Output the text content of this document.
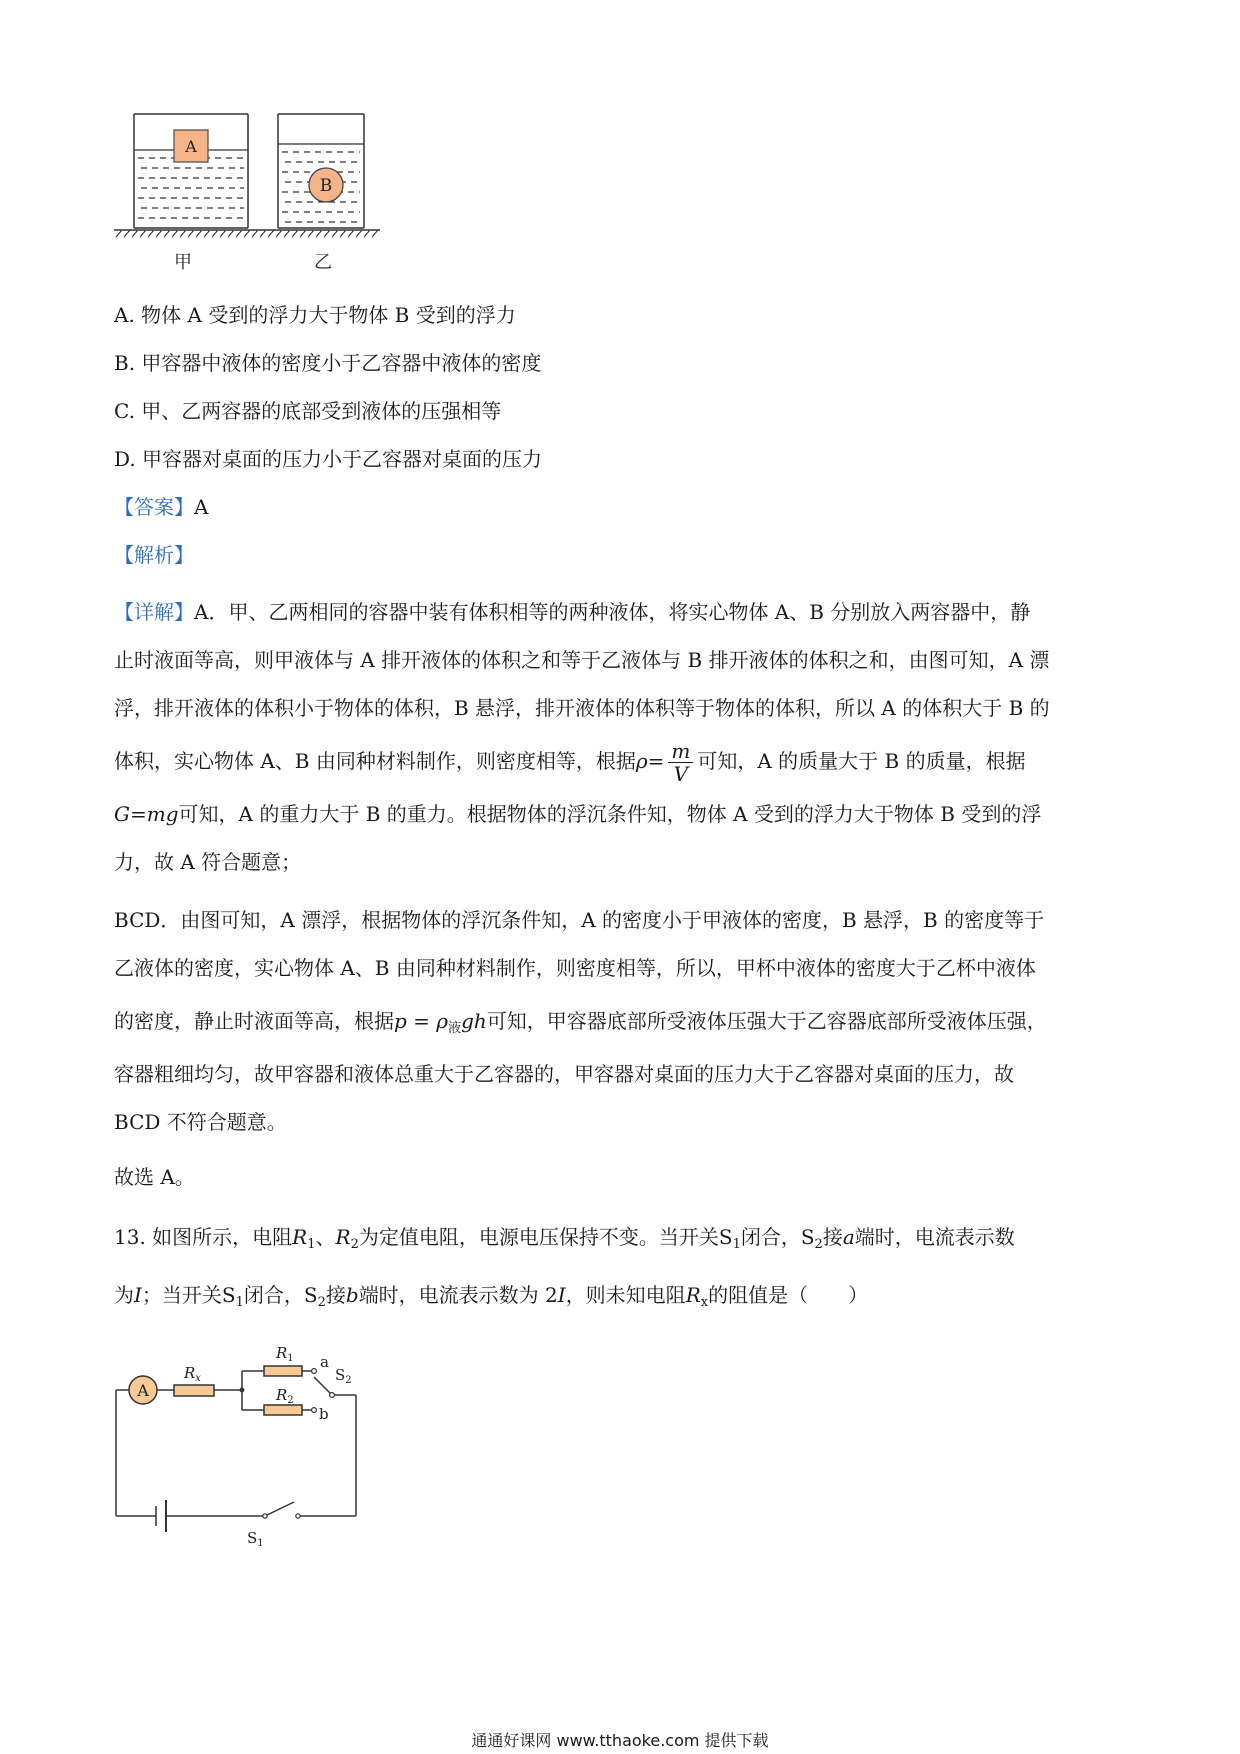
A
B
甲	乙
A. 物体 A 受到的浮力大于物体 B 受到的浮力
B. 甲容器中液体的密度小于乙容器中液体的密度
C. 甲、乙两容器的底部受到液体的压强相等
D. 甲容器对桌面的压力小于乙容器对桌面的压力
【答案】A
【解析】
【详解】A．甲、乙两相同的容器中装有体积相等的两种液体，将实心物体 A、B 分别放入两容器中，静
止时液面等高，则甲液体与 A 排开液体的体积之和等于乙液体与 B 排开液体的体积之和，由图可知，A 漂
浮，排开液体的体积小于物体的体积，B 悬浮，排开液体的体积等于物体的体积，所以 A 的体积大于 B 的
体积，实心物体 A、B 由同种材料制作，则密度相等，根据$\rho= \frac{m}{V}$ 可知，A 的质量大于 B 的质量，根据
G=mg可知，A 的重力大于 B 的重力。根据物体的浮沉条件知，物体 A 受到的浮力大于物体 B 受到的浮
力，故 A 符合题意；
BCD．由图可知，A 漂浮，根据物体的浮沉条件知，A 的密度小于甲液体的密度，B 悬浮，B 的密度等于
乙液体的密度，实心物体 A、B 由同种材料制作，则密度相等，所以，甲杯中液体的密度大于乙杯中液体
的密度，静止时液面等高，根据$p = \rho_液gh$可知，甲容器底部所受液体压强大于乙容器底部所受液体压强，
容器粗细均匀，故甲容器和液体总重大于乙容器的，甲容器对桌面的压力大于乙容器对桌面的压力，故
BCD 不符合题意。
故选 A。
13. 如图所示，电阻$R_1$、$R_2$为定值电阻，电源电压保持不变。当开关$S_1$闭合，$S_2$接a端时，电流表示数
为I；当开关$S_1$闭合，$S_2$接b端时，电流表示数为 2I，则未知电阻$R_x$的阻值是（　　）
A
$R_x$
$R_1$
$R_2$
a
b
$S_2$
$S_1$
通通好课网 www.tthaoke.com 提供下载
